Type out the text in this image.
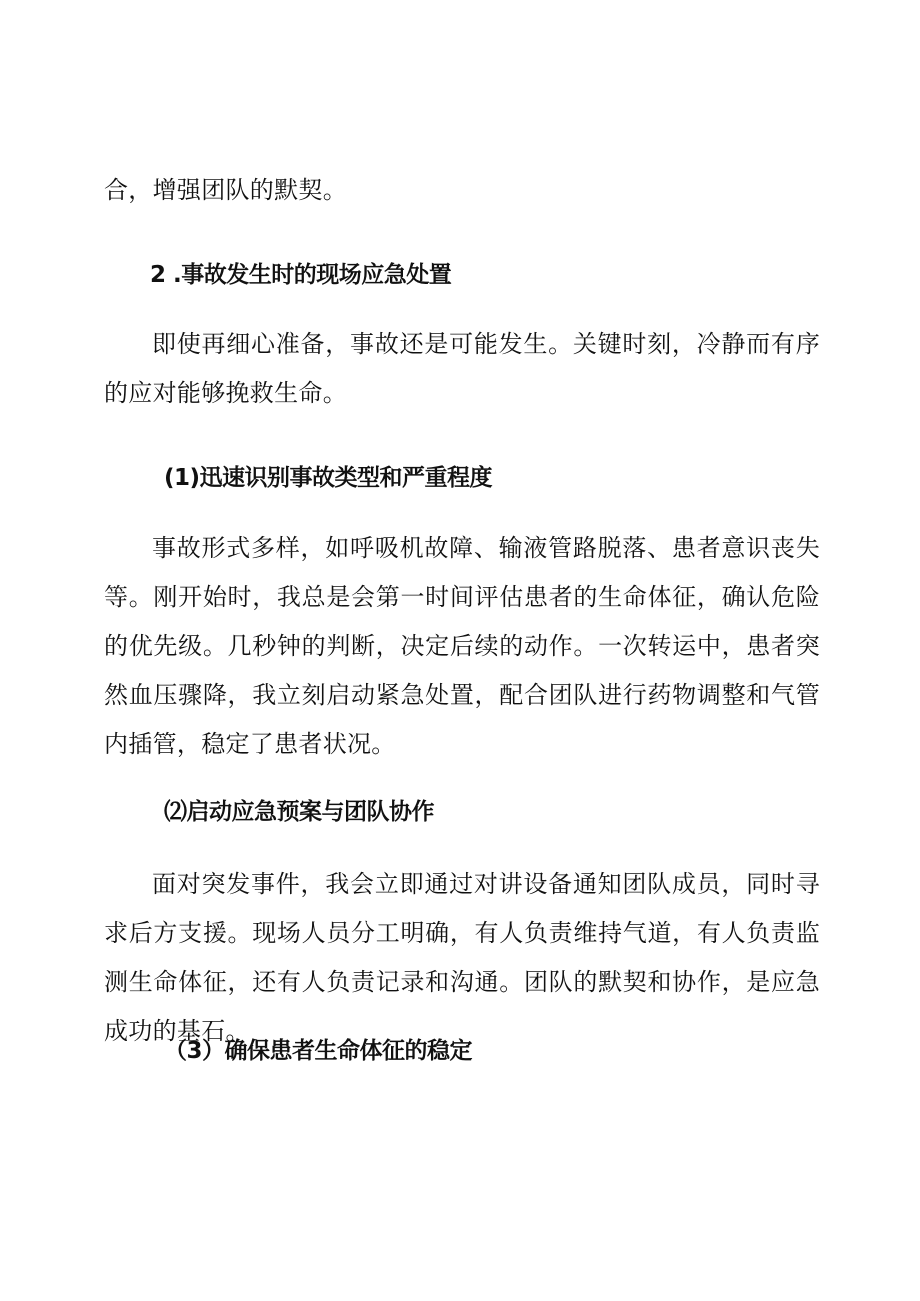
合，增强团队的默契。

2 .事故发生时的现场应急处置

即使再细心准备，事故还是可能发生。关键时刻，冷静而有序的应对能够挽救生命。

(1)迅速识别事故类型和严重程度

事故形式多样，如呼吸机故障、输液管路脱落、患者意识丧失等。刚开始时，我总是会第一时间评估患者的生命体征，确认危险的优先级。几秒钟的判断，决定后续的动作。一次转运中，患者突然血压骤降，我立刻启动紧急处置，配合团队进行药物调整和气管内插管，稳定了患者状况。

⑵启动应急预案与团队协作

面对突发事件，我会立即通过对讲设备通知团队成员，同时寻求后方支援。现场人员分工明确，有人负责维持气道，有人负责监测生命体征，还有人负责记录和沟通。团队的默契和协作，是应急成功的基石。

（3）确保患者生命体征的稳定
